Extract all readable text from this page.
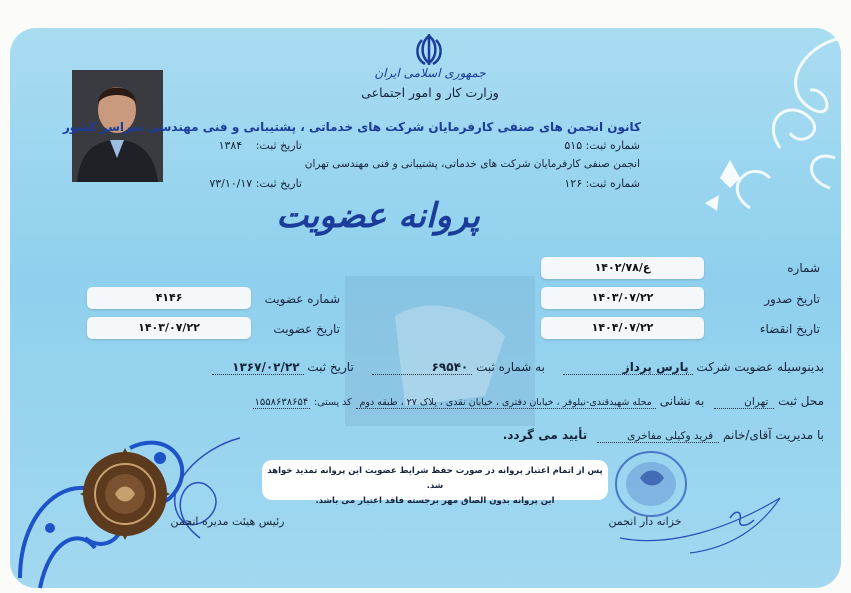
جمهوری اسلامی ایران
وزارت کار و امور اجتماعی
کانون انجمن های صنفی کارفرمایان شرکت های خدماتی ، پشتیبانی و فنی مهندسی سراسر کشور
شماره ثبت: ۵۱۵
تاریخ ثبت: ۱۳۸۴
انجمن صنفی کارفرمایان شرکت های خدماتی، پشتیبانی و فنی مهندسی تهران
شماره ثبت: ۱۲۶
تاریخ ثبت: ۷۳/۱۰/۱۷
پروانه عضویت
شماره
۱۴۰۲/ع/۷۸
تاریخ صدور
۱۴۰۳/۰۷/۲۲
تاریخ انقضاء
۱۴۰۴/۰۷/۲۲
شماره عضویت
۴۱۴۶
تاریخ عضویت
۱۴۰۳/۰۷/۲۲
بدینوسیله عضویت شرکت پارس پرداز به شماره ثبت ۶۹۵۴۰ تاریخ ثبت ۱۳۶۷/۰۲/۲۲
محل ثبت تهران به نشانی محله شهیدقندی-نیلوفر ، خیابان دفتری ، خیابان نقدی ، پلاک ۲۷ ، طبقه دوم کد پستی: ۱۵۵۸۶۳۸۶۵۴
با مدیریت آقای/خانم فرید وکیلی مفاخری تأیید می گردد.
پس از اتمام اعتبار پروانه در صورت حفظ شرایط عضویت این پروانه تمدید خواهد شد.
این پروانه بدون الصاق مهر برجسته فاقد اعتبار می باشد.
خزانه دار انجمن
رئیس هیئت مدیره انجمن
